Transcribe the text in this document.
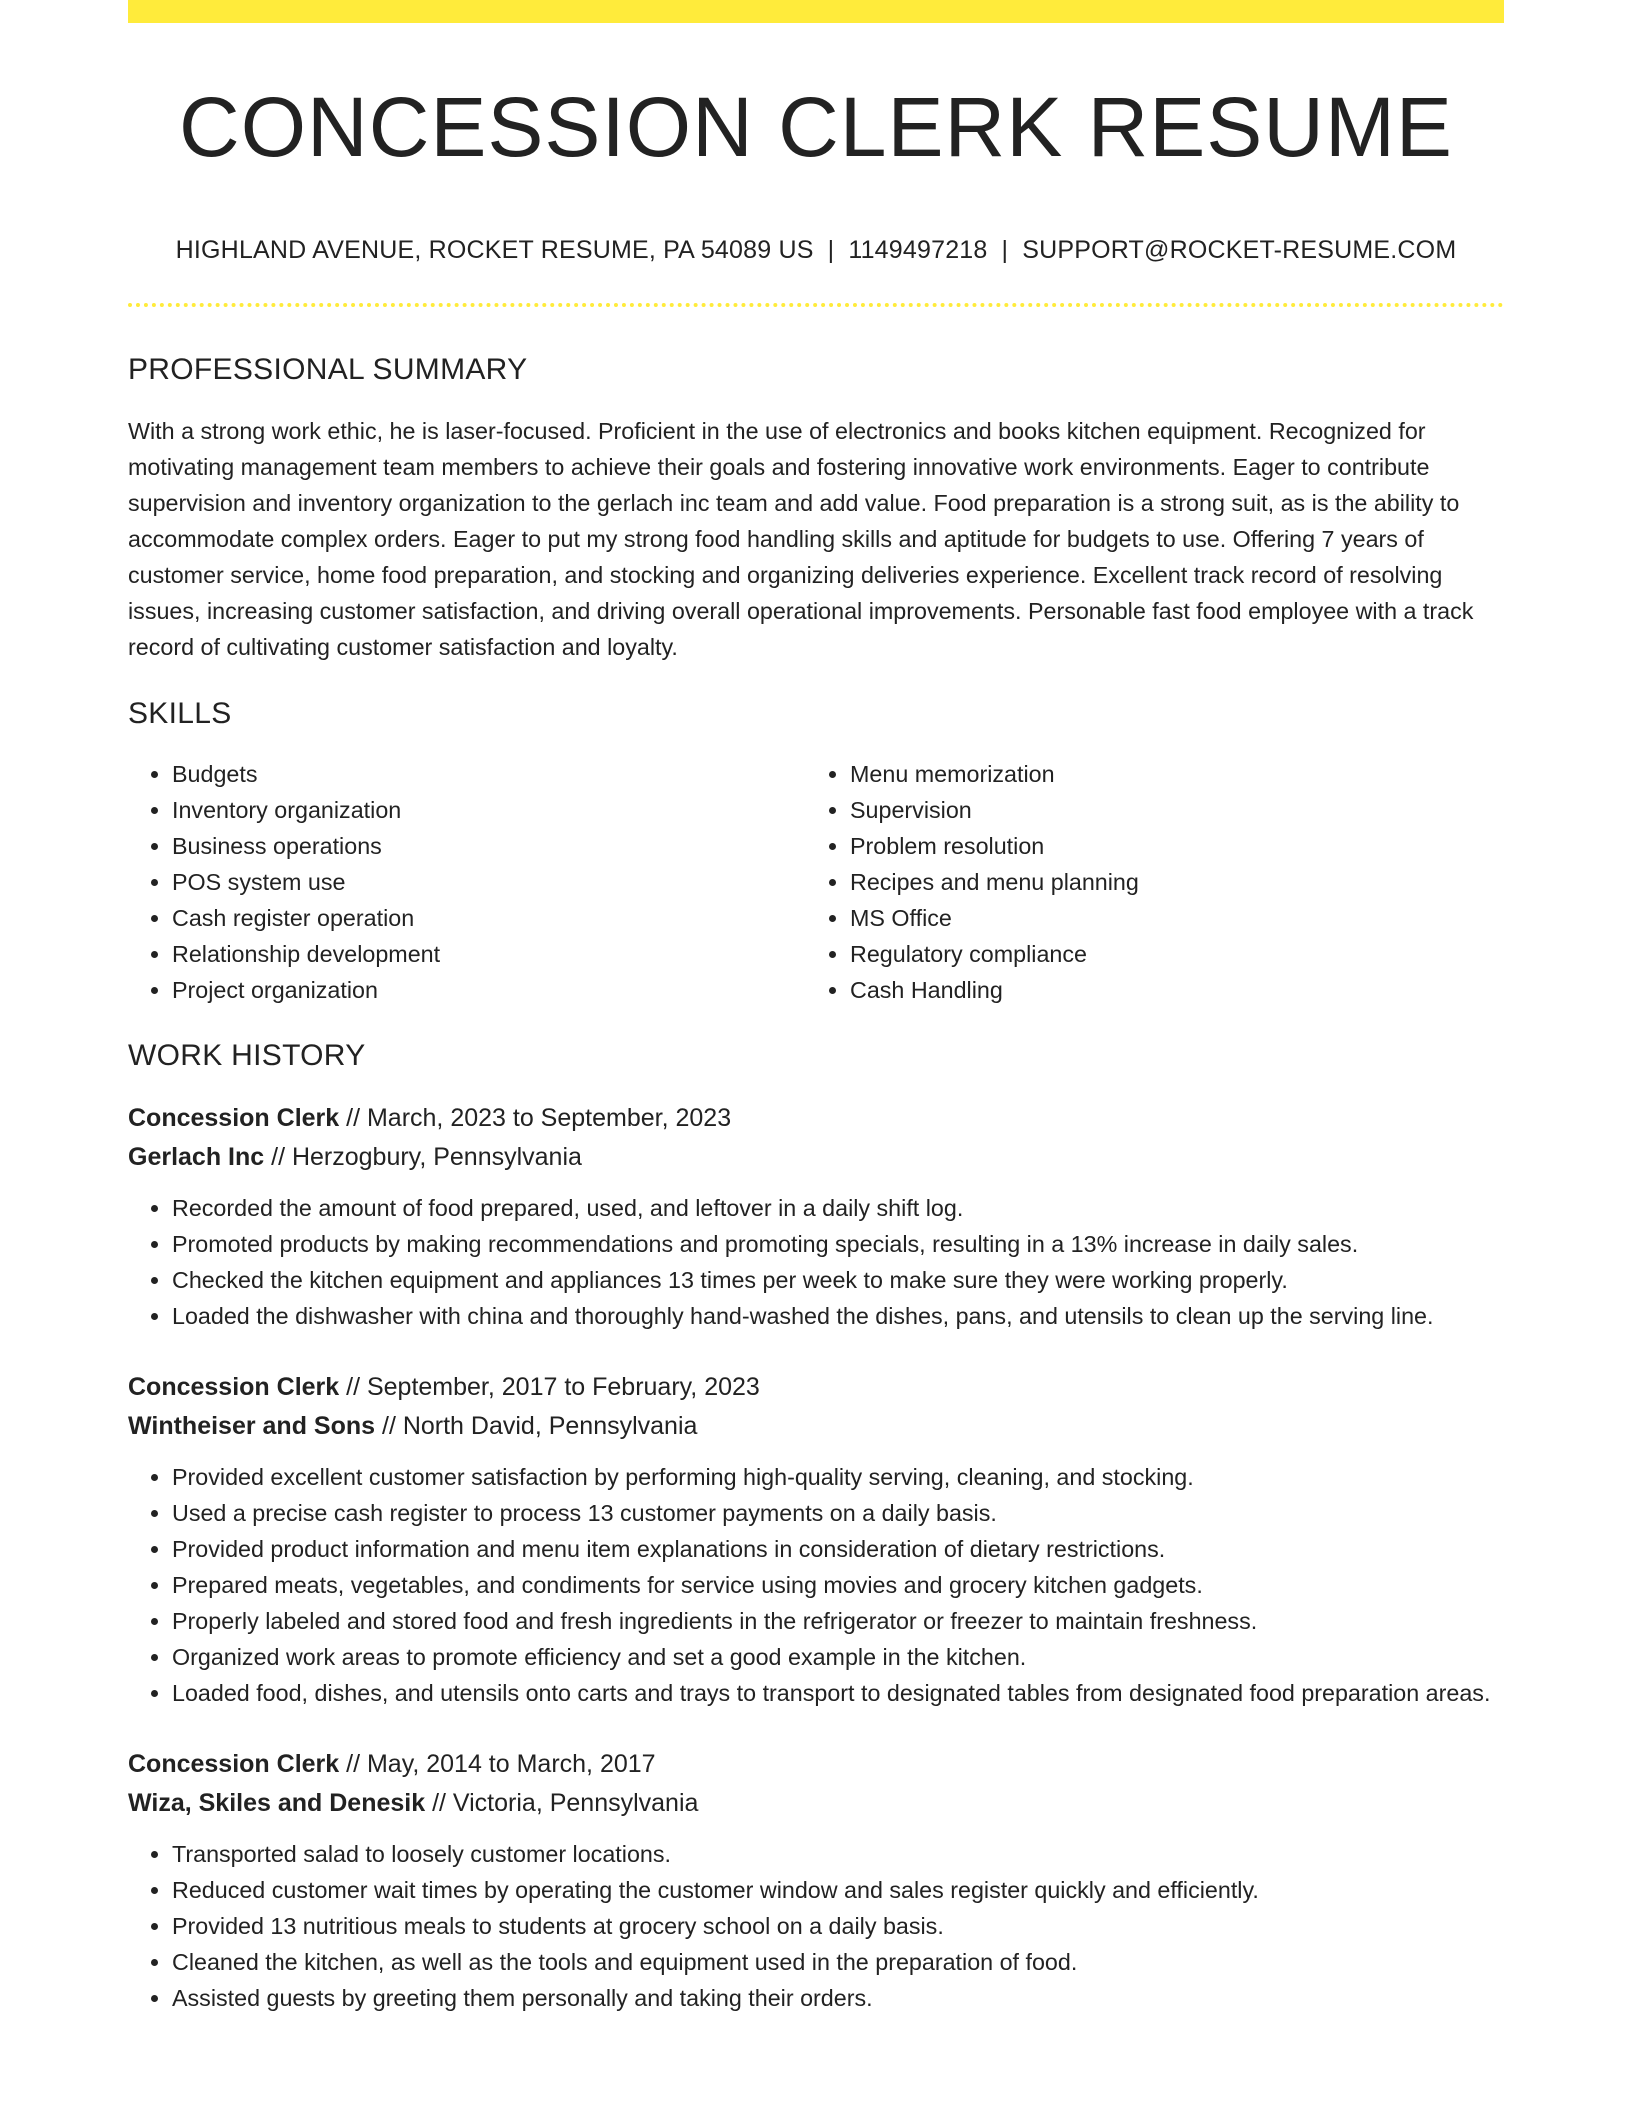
CONCESSION CLERK RESUME
HIGHLAND AVENUE, ROCKET RESUME, PA 54089 US | 1149497218 | SUPPORT@ROCKET-RESUME.COM
PROFESSIONAL SUMMARY

With a strong work ethic, he is laser-focused. Proficient in the use of electronics and books kitchen equipment. Recognized for motivating management team members to achieve their goals and fostering innovative work environments. Eager to contribute supervision and inventory organization to the gerlach inc team and add value. Food preparation is a strong suit, as is the ability to accommodate complex orders. Eager to put my strong food handling skills and aptitude for budgets to use. Offering 7 years of customer service, home food preparation, and stocking and organizing deliveries experience. Excellent track record of resolving issues, increasing customer satisfaction, and driving overall operational improvements. Personable fast food employee with a track record of cultivating customer satisfaction and loyalty.

SKILLS
• Budgets
• Inventory organization
• Business operations
• POS system use
• Cash register operation
• Relationship development
• Project organization
• Menu memorization
• Supervision
• Problem resolution
• Recipes and menu planning
• MS Office
• Regulatory compliance
• Cash Handling
WORK HISTORY
Concession Clerk // March, 2023 to September, 2023
Gerlach Inc // Herzogbury, Pennsylvania
• Recorded the amount of food prepared, used, and leftover in a daily shift log.
• Promoted products by making recommendations and promoting specials, resulting in a 13% increase in daily sales.
• Checked the kitchen equipment and appliances 13 times per week to make sure they were working properly.
• Loaded the dishwasher with china and thoroughly hand-washed the dishes, pans, and utensils to clean up the serving line.
Concession Clerk // September, 2017 to February, 2023
Wintheiser and Sons // North David, Pennsylvania
• Provided excellent customer satisfaction by performing high-quality serving, cleaning, and stocking.
• Used a precise cash register to process 13 customer payments on a daily basis.
• Provided product information and menu item explanations in consideration of dietary restrictions.
• Prepared meats, vegetables, and condiments for service using movies and grocery kitchen gadgets.
• Properly labeled and stored food and fresh ingredients in the refrigerator or freezer to maintain freshness.
• Organized work areas to promote efficiency and set a good example in the kitchen.
• Loaded food, dishes, and utensils onto carts and trays to transport to designated tables from designated food preparation areas.
Concession Clerk // May, 2014 to March, 2017
Wiza, Skiles and Denesik // Victoria, Pennsylvania
• Transported salad to loosely customer locations.
• Reduced customer wait times by operating the customer window and sales register quickly and efficiently.
• Provided 13 nutritious meals to students at grocery school on a daily basis.
• Cleaned the kitchen, as well as the tools and equipment used in the preparation of food.
• Assisted guests by greeting them personally and taking their orders.
